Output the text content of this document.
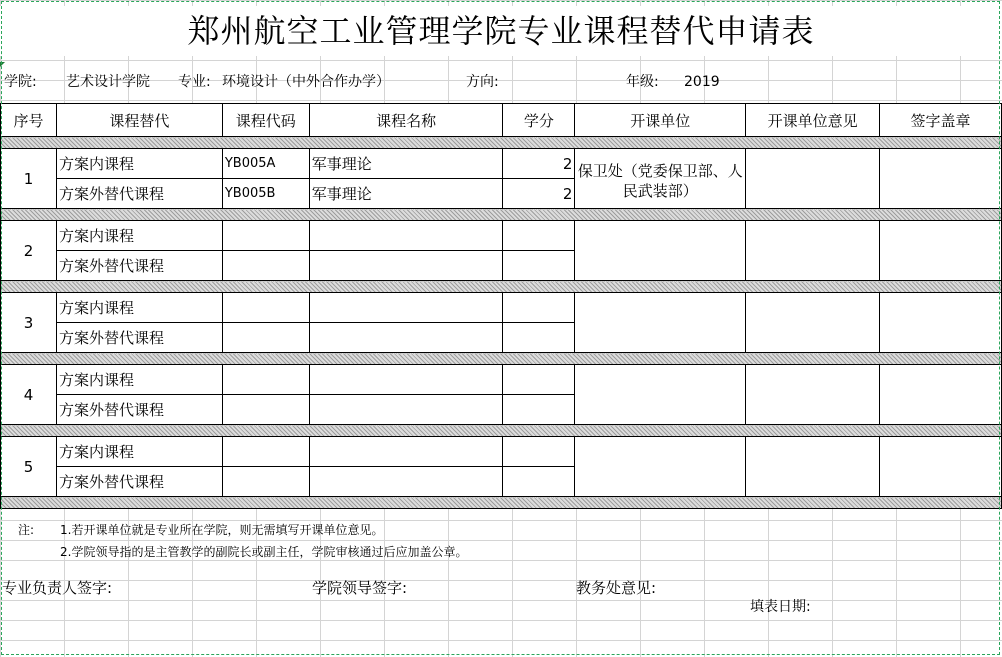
郑州航空工业管理学院专业课程替代申请表
学院: 艺术设计学院 专业: 环境设计（中外合作办学）	方向:	年级: 2019
序号	课程替代	课程代码	课程名称	学分	开课单位	开课单位意见	签字盖章

1	方案内课程	YB005A	军事理论	2	保卫处（党委保卫部、人民武装部）		
	方案外替代课程	YB005B	军事理论	2			

2	方案内课程						
	方案外替代课程						

3	方案内课程						
	方案外替代课程						

4	方案内课程						
	方案外替代课程						

5	方案内课程						
	方案外替代课程						

注: 1.若开课单位就是专业所在学院，则无需填写开课单位意见。
2.学院领导指的是主管教学的副院长或副主任，学院审核通过后应加盖公章。
专业负责人签字:	学院领导签字:	教务处意见:
填表日期:
